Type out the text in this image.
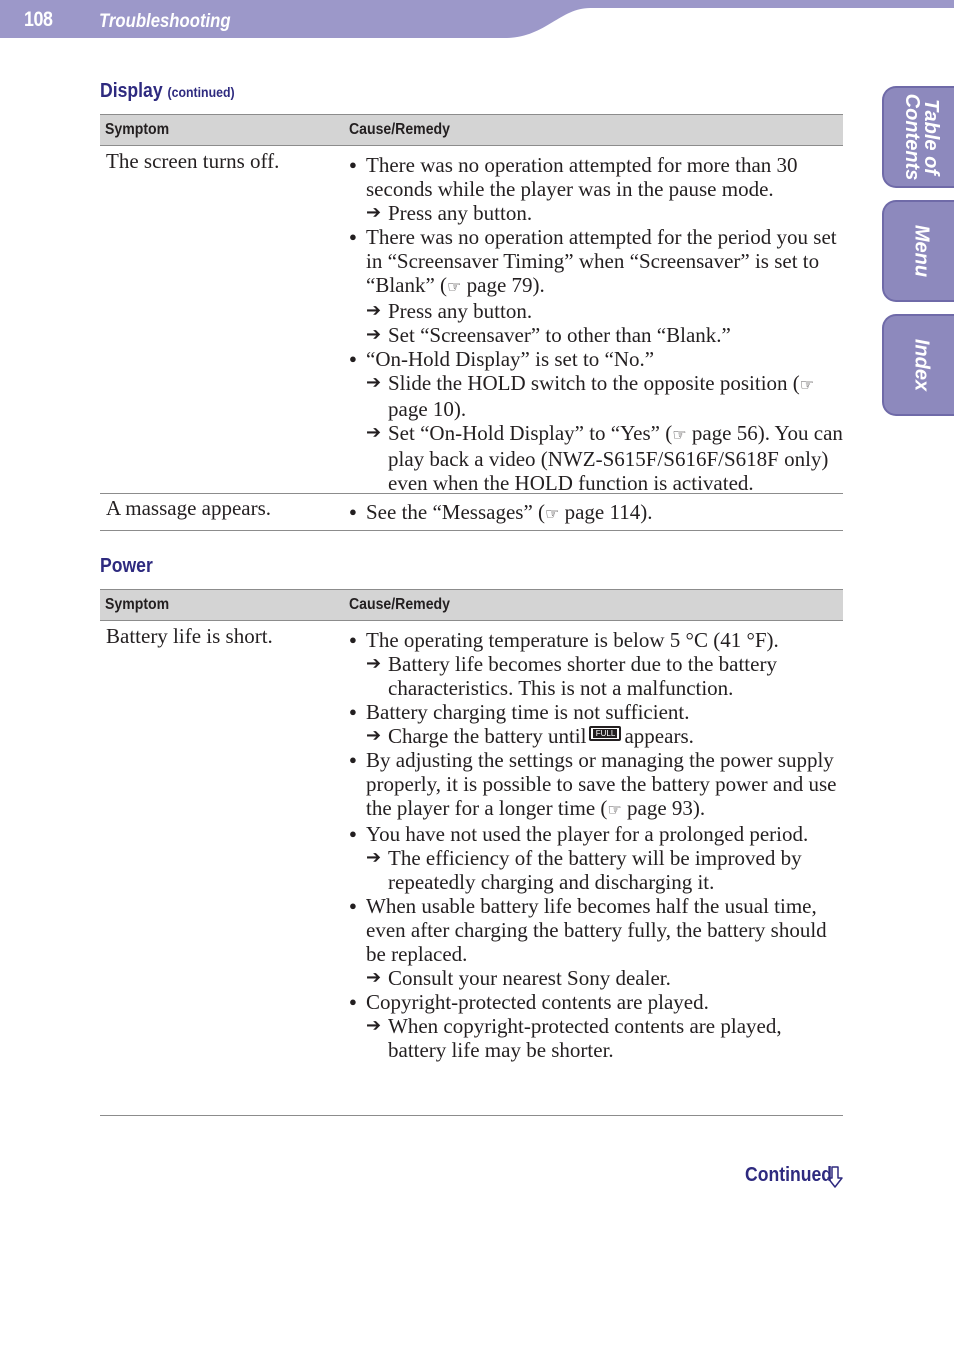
108 Troubleshooting
Table of
Contents
Menu
Index
Display (continued)
Symptom	Cause/Remedy
The screen turns off.	● There was no operation attempted for more than 30 seconds while the player was in the pause mode.
➔ Press any button.
● There was no operation attempted for the period you set in “Screensaver Timing” when “Screensaver” is set to “Blank” (☞ page 79).
➔ Press any button.
➔ Set “Screensaver” to other than “Blank.”
● “On-Hold Display” is set to “No.”
➔ Slide the HOLD switch to the opposite position (☞ page 10).
➔ Set “On-Hold Display” to “Yes” (☞ page 56). You can play back a video (NWZ-S615F/S616F/S618F only) even when the HOLD function is activated.
A massage appears.	● See the “Messages” (☞ page 114).
Power
Symptom	Cause/Remedy
Battery life is short.	● The operating temperature is below 5 °C (41 °F).
➔ Battery life becomes shorter due to the battery characteristics. This is not a malfunction.
● Battery charging time is not sufficient.
➔ Charge the battery until FULL appears.
● By adjusting the settings or managing the power supply properly, it is possible to save the battery power and use the player for a longer time (☞ page 93).
● You have not used the player for a prolonged period.
➔ The efficiency of the battery will be improved by repeatedly charging and discharging it.
● When usable battery life becomes half the usual time, even after charging the battery fully, the battery should be replaced.
➔ Consult your nearest Sony dealer.
● Copyright-protected contents are played.
➔ When copyright-protected contents are played, battery life may be shorter.
Continued
